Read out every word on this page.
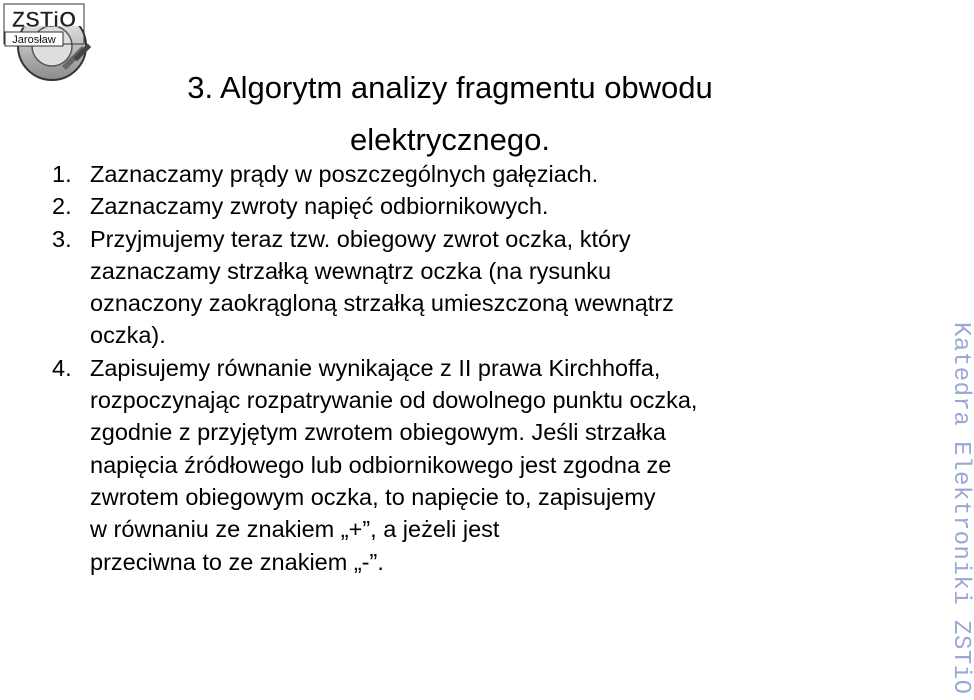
ZSTiO
Jarosław
3. Algorytm analizy fragmentu obwodu
elektrycznego.
1. Zaznaczamy prądy w poszczególnych gałęziach.
2. Zaznaczamy zwroty napięć odbiornikowych.
3. Przyjmujemy teraz tzw. obiegowy zwrot oczka, który
zaznaczamy strzałką wewnątrz oczka (na rysunku
oznaczony zaokrągloną strzałką umieszczoną wewnątrz
oczka).
4. Zapisujemy równanie wynikające z II prawa Kirchhoffa,
rozpoczynając rozpatrywanie od dowolnego punktu oczka,
zgodnie z przyjętym zwrotem obiegowym. Jeśli strzałka
napięcia źródłowego lub odbiornikowego jest zgodna ze
zwrotem obiegowym oczka, to napięcie to, zapisujemy
w równaniu ze znakiem „+”, a jeżeli jest
przeciwna to ze znakiem „-”.	Katedra Elektroniki ZSTiO
